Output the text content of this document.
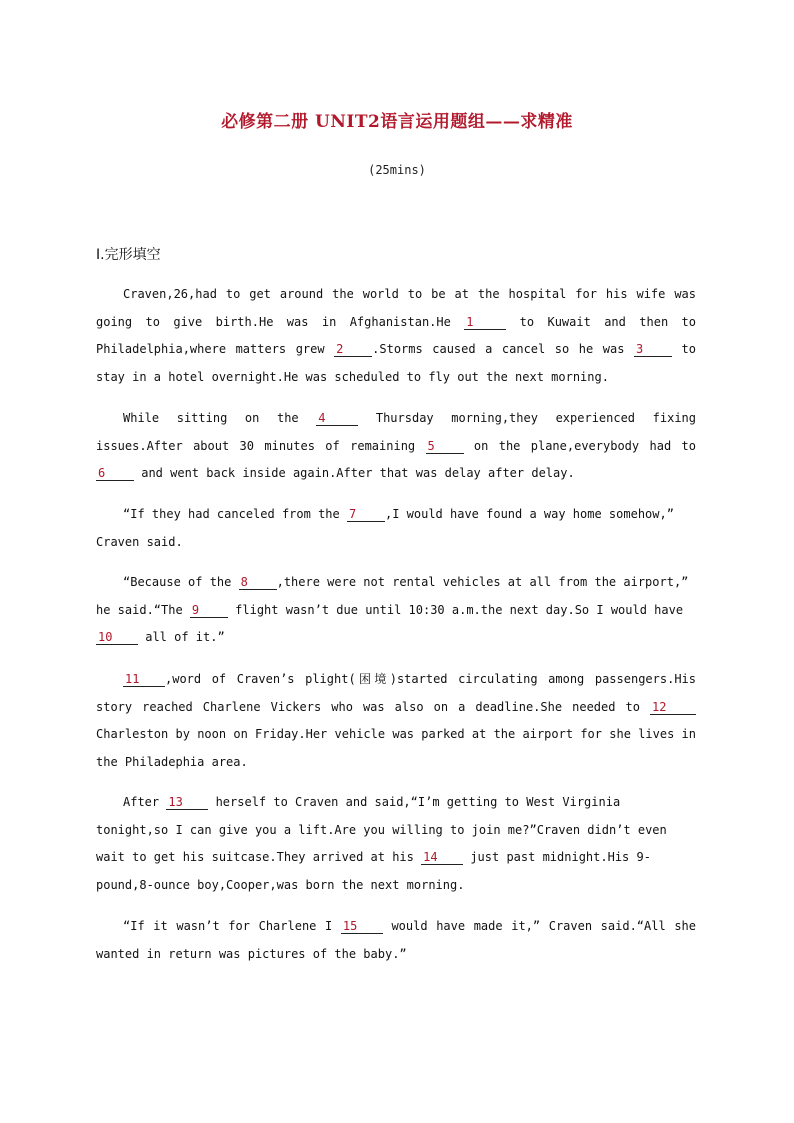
必修第二册 UNIT2语言运用题组——求精准
(25mins)
Ⅰ.完形填空
Craven,26,had to get around the world to be at the hospital for his wife was going to give birth.He was in Afghanistan.He 1	to Kuwait and then to Philadelphia,where matters grew 2 .Storms caused a cancel so he was 3 to stay in a hotel overnight.He was scheduled to fly out the next morning.
While sitting on the 4	Thursday morning,they experienced fixing issues.After about 30 minutes of remaining 5 on the plane,everybody had to 6 and went back inside again.After that was delay after delay.
“If they had canceled from the 7 ,I would have found a way home somehow,” Craven said.
“Because of the 8 ,there were not rental vehicles at all from the airport,” he said.“The 9 flight wasn’t due until 10:30 a.m.the next day.So I would have 10 all of it.”
11 ,word of Craven’s plight(困境)started circulating among passengers.His story reached Charlene Vickers who was also on a deadline.She needed to 12 Charleston by noon on Friday.Her vehicle was parked at the airport for she lives in the Philadephia area.
After 13 herself to Craven and said,“I’m getting to West Virginia tonight,so I can give you a lift.Are you willing to join me?”Craven didn’t even wait to get his suitcase.They arrived at his 14 just past midnight.His 9-pound,8-ounce boy,Cooper,was born the next morning.
“If it wasn’t for Charlene I 15 would have made it,” Craven said.“All she wanted in return was pictures of the baby.”
